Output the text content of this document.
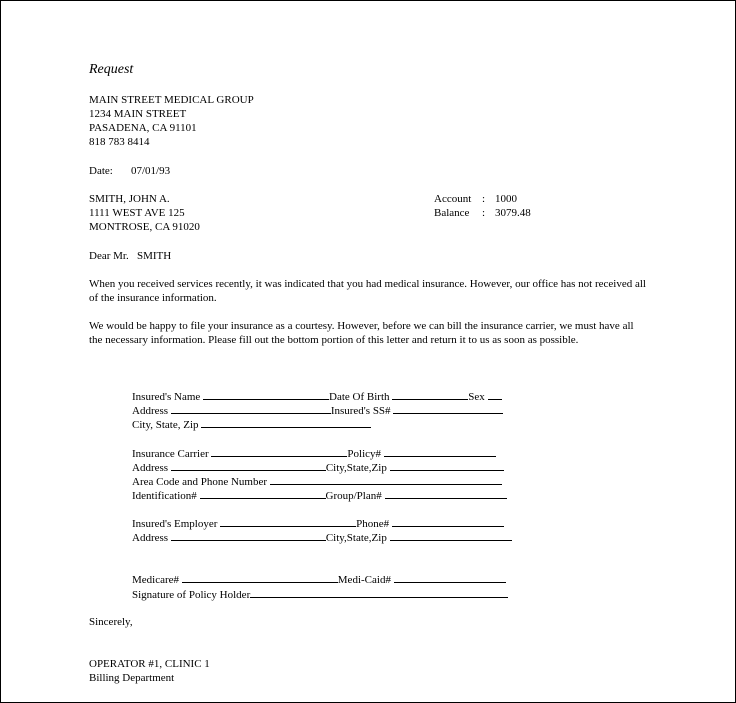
Request
MAIN STREET MEDICAL GROUP
1234 MAIN STREET
PASADENA, CA 91101
818 783 8414
Date: 07/01/93
SMITH, JOHN A.
1111 WEST AVE 125
MONTROSE, CA 91020
Account : 1000
Balance : 3079.48
Dear Mr.   SMITH
When you received services recently, it was indicated that you had medical insurance. However, our office has not received all of the insurance information.
We would be happy to file your insurance as a courtesy. However, before we can bill the insurance carrier, we must have all the necessary information. Please fill out the bottom portion of this letter and return it to us as soon as possible.
Insured's Name	Date Of Birth	Sex
Address	Insured's SS#
City, State, Zip
Insurance Carrier	Policy#
Address	City,State,Zip
Area Code and Phone Number
Identification#	Group/Plan#
Insured's Employer	Phone#
Address	City,State,Zip
Medicare#	Medi-Caid#
Signature of Policy Holder
Sincerely,
OPERATOR #1, CLINIC 1
Billing Department
